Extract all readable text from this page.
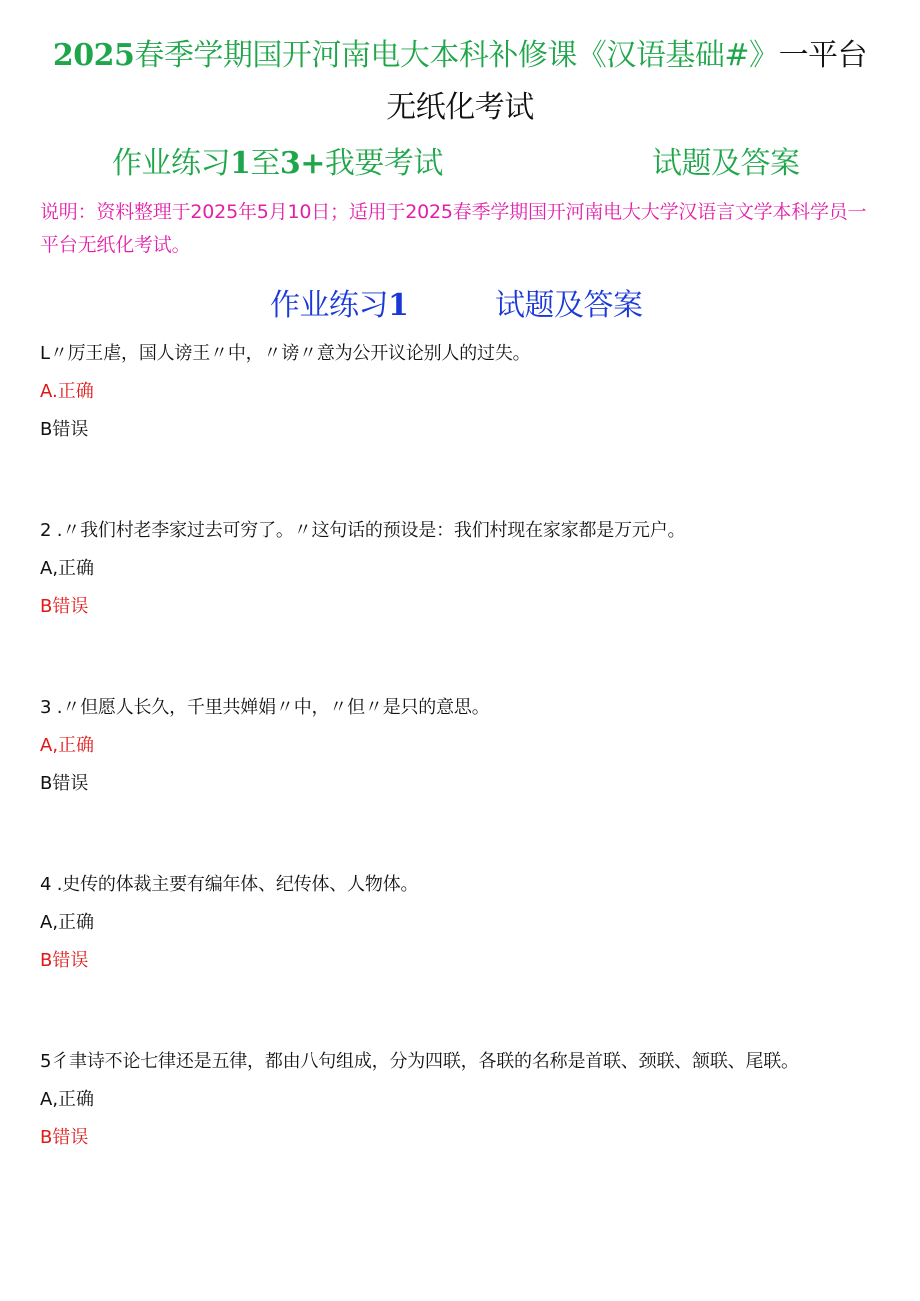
2025春季学期国开河南电大本科补修课《汉语基础#》一平台
无纸化考试
作业练习1至3+我要考试	试题及答案
说明：资料整理于2025年5月10日；适用于2025春季学期国开河南电大大学汉语言文学本科学员一平台无纸化考试。
作业练习1	试题及答案
L〃厉王虐，国人谤王〃中，〃谤〃意为公开议论别人的过失。
A.正确
B错误
2 .〃我们村老李家过去可穷了。〃这句话的预设是：我们村现在家家都是万元户。
A,正确
B错误
3 .〃但愿人长久，千里共婵娟〃中，〃但〃是只的意思。
A,正确
B错误
4 .史传的体裁主要有编年体、纪传体、人物体。
A,正确
B错误
5彳聿诗不论七律还是五律，都由八句组成，分为四联，各联的名称是首联、颈联、颔联、尾联。
A,正确
B错误
